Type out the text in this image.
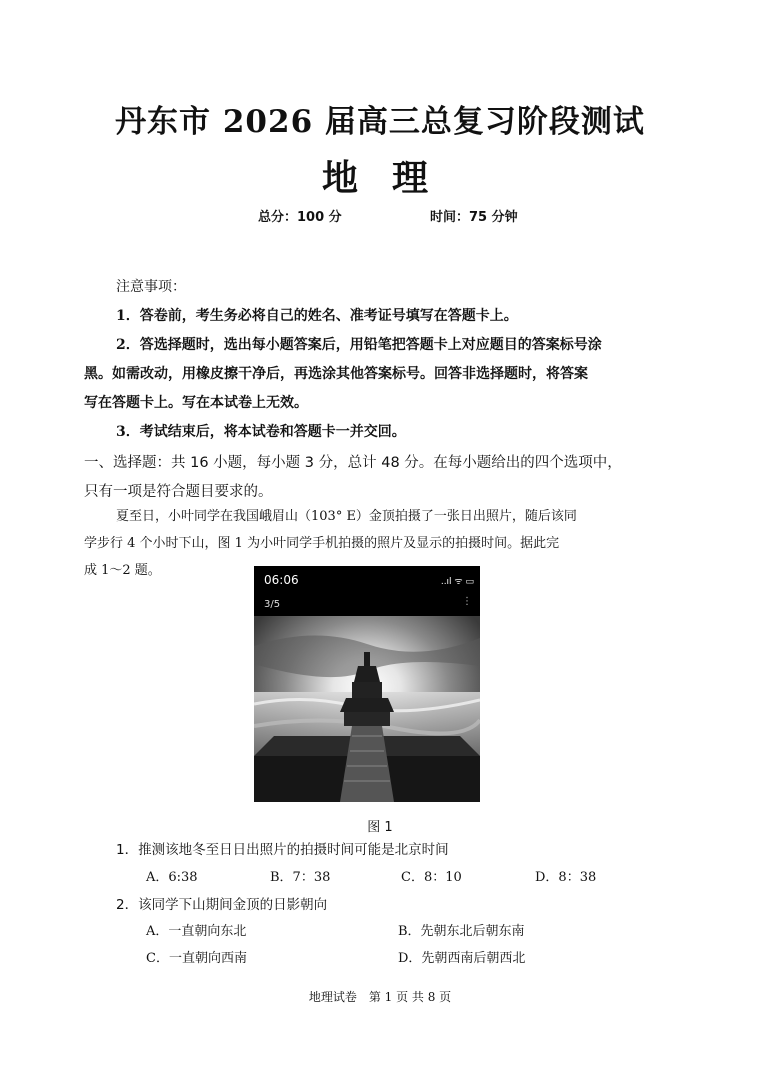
丹东市 2026 届高三总复习阶段测试
地理
总分：100 分	时间：75 分钟
注意事项：
1．答卷前，考生务必将自己的姓名、准考证号填写在答题卡上。
2．答选择题时，选出每小题答案后，用铅笔把答题卡上对应题目的答案标号涂
黑。如需改动，用橡皮擦干净后，再选涂其他答案标号。回答非选择题时，将答案
写在答题卡上。写在本试卷上无效。
3．考试结束后，将本试卷和答题卡一并交回。
一、选择题：共 16 小题，每小题 3 分，总计 48 分。在每小题给出的四个选项中，
只有一项是符合题目要求的。
夏至日，小叶同学在我国峨眉山（103° E）金顶拍摄了一张日出照片，随后该同
学步行 4 个小时下山，图 1 为小叶同学手机拍摄的照片及显示的拍摄时间。据此完
成 1～2 题。
06:06	..ıl ᯤ ▭
3/5	⋮
图 1
1．推测该地冬至日日出照片的拍摄时间可能是北京时间
A．6:38	B．7：38	C．8：10	D．8：38
2．该同学下山期间金顶的日影朝向
A．一直朝向东北	B．先朝东北后朝东南
C．一直朝向西南	D．先朝西南后朝西北
地理试卷　第 1 页 共 8 页
